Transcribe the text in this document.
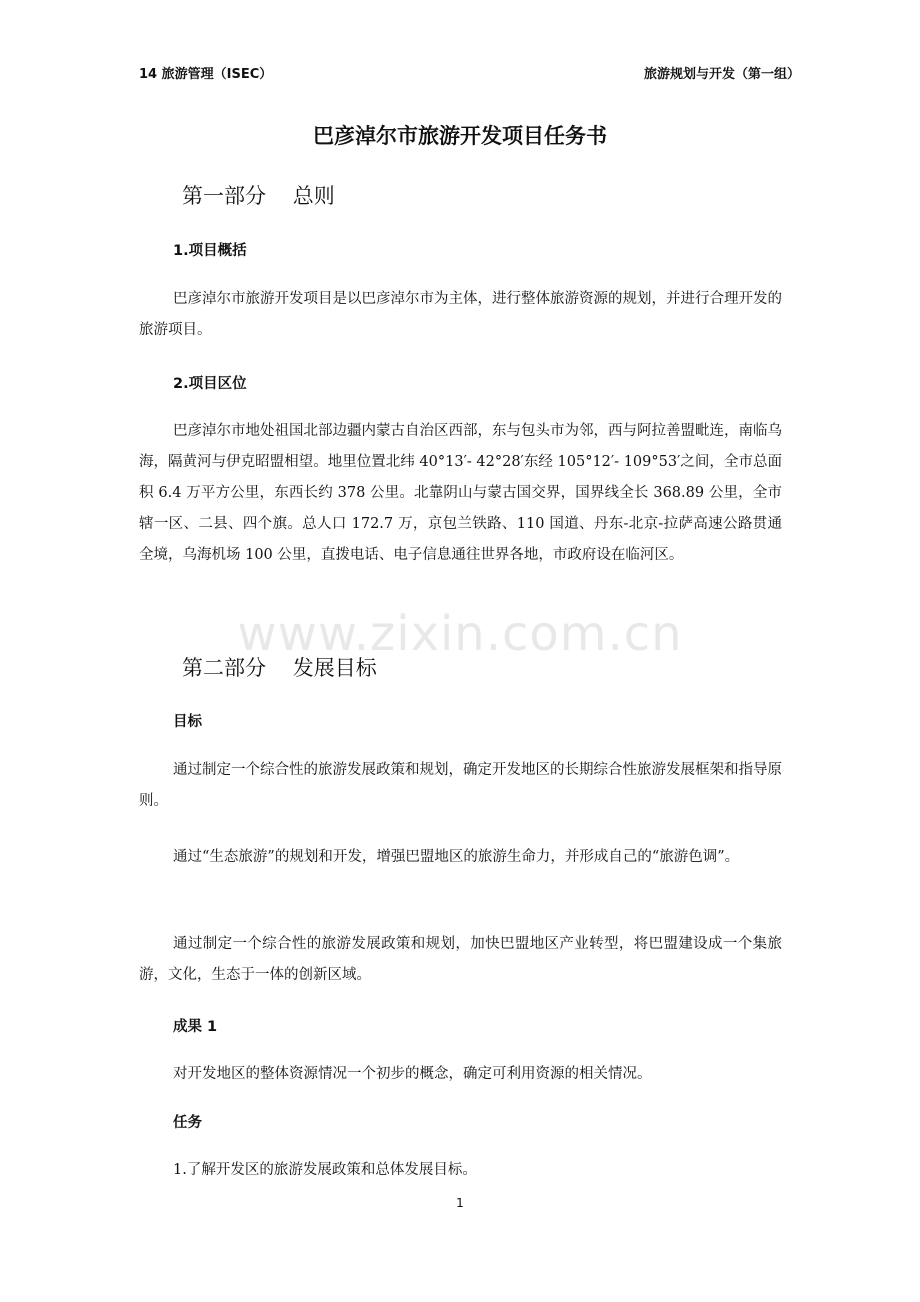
14 旅游管理（ISEC）	旅游规划与开发（第一组）
巴彦淖尔市旅游开发项目任务书
第一部分    总则
1.项目概括

巴彦淖尔市旅游开发项目是以巴彦淖尔市为主体，进行整体旅游资源的规划，并进行合理开发的旅游项目。

2.项目区位

巴彦淖尔市地处祖国北部边疆内蒙古自治区西部，东与包头市为邻，西与阿拉善盟毗连，南临乌海，隔黄河与伊克昭盟相望。地里位置北纬 40°13′- 42°28′东经 105°12′- 109°53′之间，全市总面积 6.4 万平方公里，东西长约 378 公里。北靠阴山与蒙古国交界，国界线全长 368.89 公里，全市辖一区、二县、四个旗。总人口 172.7 万，京包兰铁路、110 国道、丹东-北京-拉萨高速公路贯通全境，乌海机场 100 公里，直拨电话、电子信息通往世界各地，市政府设在临河区。

www.zixin.com.cn
第二部分    发展目标
目标

通过制定一个综合性的旅游发展政策和规划，确定开发地区的长期综合性旅游发展框架和指导原则。

通过“生态旅游”的规划和开发，增强巴盟地区的旅游生命力，并形成自己的“旅游色调”。

通过制定一个综合性的旅游发展政策和规划，加快巴盟地区产业转型，将巴盟建设成一个集旅游，文化，生态于一体的创新区域。

成果 1

对开发地区的整体资源情况一个初步的概念，确定可利用资源的相关情况。

任务

1.了解开发区的旅游发展政策和总体发展目标。

1
